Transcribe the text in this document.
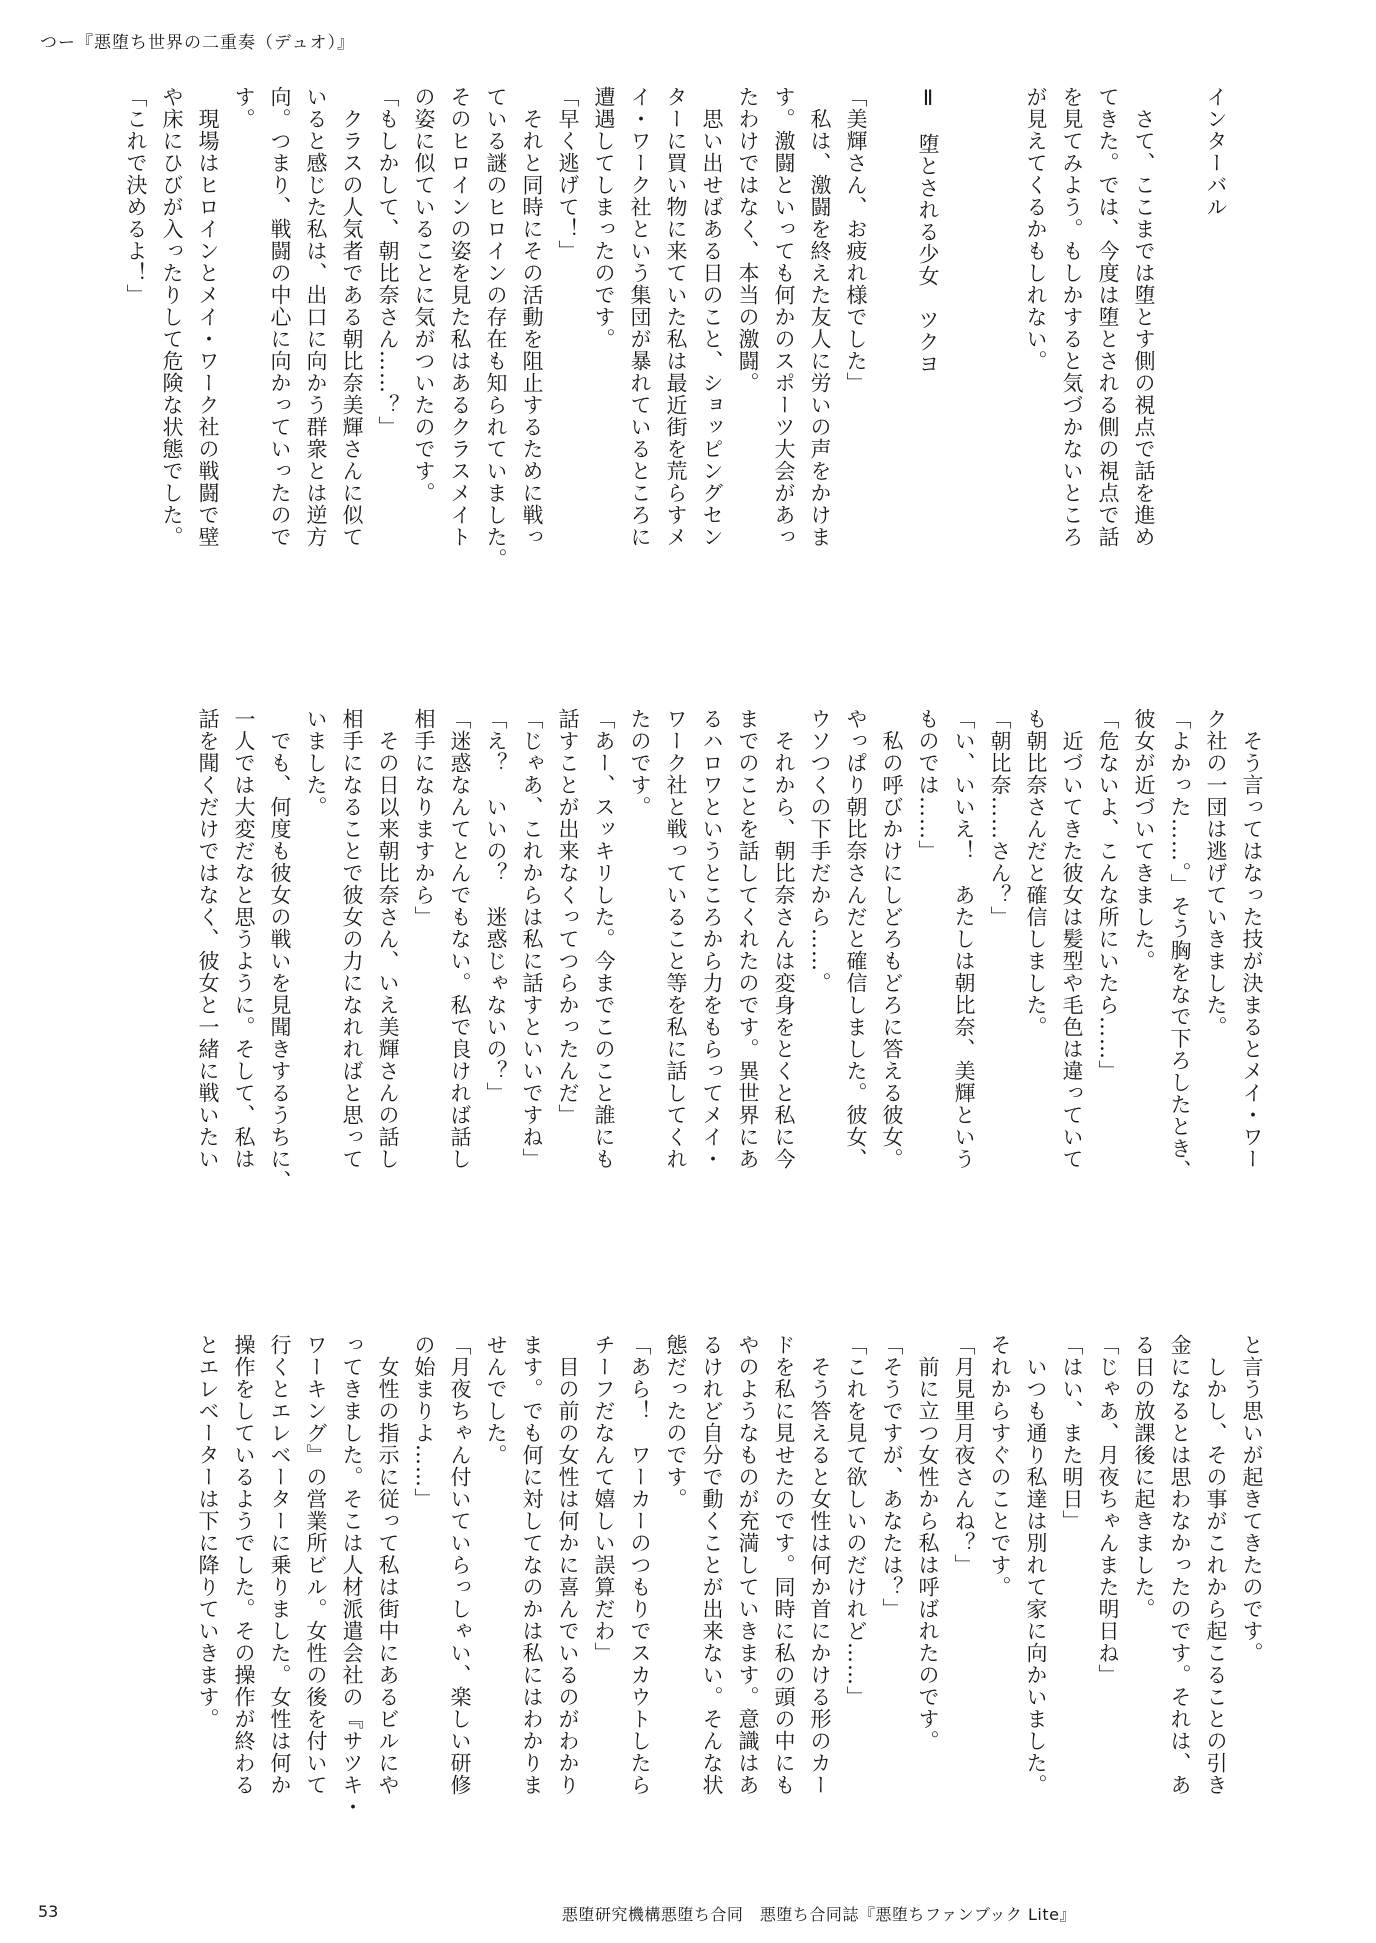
つー『悪堕ち世界の二重奏（デュオ）』
インターバル
　さて、ここまでは堕とす側の視点で話を進め
てきた。では、今度は堕とされる側の視点で話
を見てみよう。もしかすると気づかないところ
が見えてくるかもしれない。
Ⅱ　堕とされる少女　ツクヨ
「美輝さん、お疲れ様でした」
　私は、激闘を終えた友人に労いの声をかけま
す。激闘といっても何かのスポーツ大会があっ
たわけではなく、本当の激闘。
　思い出せばある日のこと、ショッピングセン
ターに買い物に来ていた私は最近街を荒らすメ
イ・ワーク社という集団が暴れているところに
遭遇してしまったのです。
「早く逃げて！」
　それと同時にその活動を阻止するために戦っ
ている謎のヒロインの存在も知られていました。
そのヒロインの姿を見た私はあるクラスメイト
の姿に似ていることに気がついたのです。
「もしかして、朝比奈さん……？」
　クラスの人気者である朝比奈美輝さんに似て
いると感じた私は、出口に向かう群衆とは逆方
向。つまり、戦闘の中心に向かっていったので
す。
　現場はヒロインとメイ・ワーク社の戦闘で壁
や床にひびが入ったりして危険な状態でした。
「これで決めるよ！」
　そう言ってはなった技が決まるとメイ・ワー
ク社の一団は逃げていきました。
「よかった……。」そう胸をなで下ろしたとき、
彼女が近づいてきました。
「危ないよ、こんな所にいたら……」
　近づいてきた彼女は髪型や毛色は違っていて
も朝比奈さんだと確信しました。
「朝比奈……さん？」
「い、いいえ！　あたしは朝比奈、美輝という
ものでは……」
　私の呼びかけにしどろもどろに答える彼女。
やっぱり朝比奈さんだと確信しました。彼女、
ウソつくの下手だから……。
　それから、朝比奈さんは変身をとくと私に今
までのことを話してくれたのです。異世界にあ
るハロワというところから力をもらってメイ・
ワーク社と戦っていること等を私に話してくれ
たのです。
「あー、スッキリした。今までこのこと誰にも
話すことが出来なくってつらかったんだ」
「じゃあ、これからは私に話すといいですね」
「え？　いいの？　迷惑じゃないの？」
「迷惑なんてとんでもない。私で良ければ話し
相手になりますから」
　その日以来朝比奈さん、いえ美輝さんの話し
相手になることで彼女の力になれればと思って
いました。
　でも、何度も彼女の戦いを見聞きするうちに、
一人では大変だなと思うように。そして、私は
話を聞くだけではなく、彼女と一緒に戦いたい
と言う思いが起きてきたのです。
　しかし、その事がこれから起こることの引き
金になるとは思わなかったのです。それは、あ
る日の放課後に起きました。
「じゃあ、月夜ちゃんまた明日ね」
「はい、また明日」
　いつも通り私達は別れて家に向かいました。
それからすぐのことです。
「月見里月夜さんね？」
　前に立つ女性から私は呼ばれたのです。
「そうですが、あなたは？」
「これを見て欲しいのだけれど……」
　そう答えると女性は何か首にかける形のカー
ドを私に見せたのです。同時に私の頭の中にも
やのようなものが充満していきます。意識はあ
るけれど自分で動くことが出来ない。そんな状
態だったのです。
「あら！　ワーカーのつもりでスカウトしたら
チーフだなんて嬉しい誤算だわ」
　目の前の女性は何かに喜んでいるのがわかり
ます。でも何に対してなのかは私にはわかりま
せんでした。
「月夜ちゃん付いていらっしゃい、楽しい研修
の始まりよ……」
　女性の指示に従って私は街中にあるビルにや
ってきました。そこは人材派遣会社の『サツキ・
ワーキング』の営業所ビル。女性の後を付いて
行くとエレベーターに乗りました。女性は何か
操作をしているようでした。その操作が終わる
とエレベーターは下に降りていきます。
53	悪堕研究機構悪堕ち合同　悪堕ち合同誌『悪堕ちファンブック Lite』
